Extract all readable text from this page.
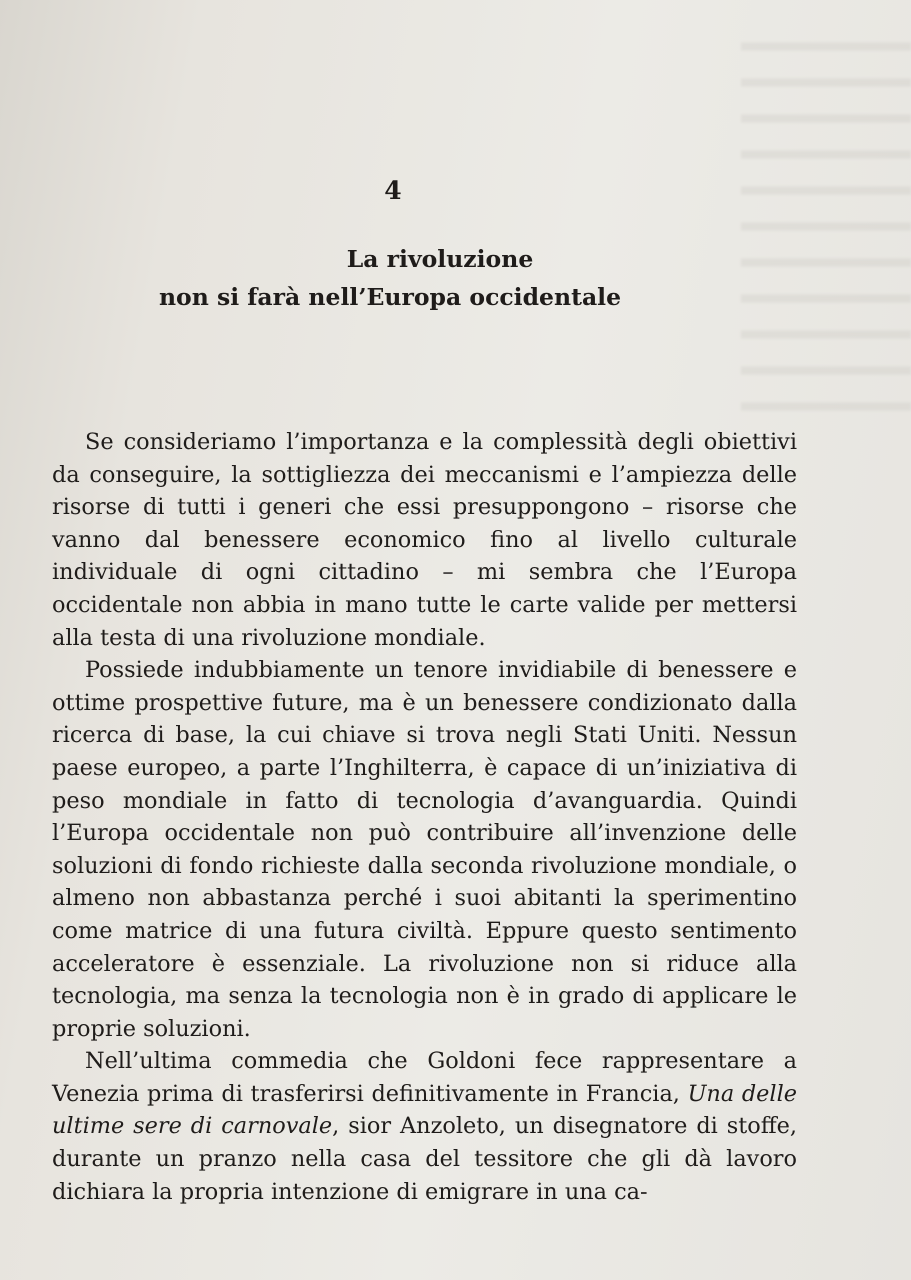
4
La rivoluzione
non si farà nell’Europa occidentale

Se consideriamo l’importanza e la complessità degli obiettivi da conseguire, la sottigliezza dei meccanismi e l’ampiezza delle risorse di tutti i generi che essi presuppongono – risorse che vanno dal benessere economico fino al livello culturale individuale di ogni cittadino – mi sembra che l’Europa occidentale non abbia in mano tutte le carte valide per mettersi alla testa di una rivoluzione mondiale.

Possiede indubbiamente un tenore invidiabile di benessere e ottime prospettive future, ma è un benessere condizionato dalla ricerca di base, la cui chiave si trova negli Stati Uniti. Nessun paese europeo, a parte l’Inghilterra, è capace di un’iniziativa di peso mondiale in fatto di tecnologia d’avanguardia. Quindi l’Europa occidentale non può contribuire all’invenzione delle soluzioni di fondo richieste dalla seconda rivoluzione mondiale, o almeno non abbastanza perché i suoi abitanti la sperimentino come matrice di una futura civiltà. Eppure questo sentimento acceleratore è essenziale. La rivoluzione non si riduce alla tecnologia, ma senza la tecnologia non è in grado di applicare le proprie soluzioni.

Nell’ultima commedia che Goldoni fece rappresentare a Venezia prima di trasferirsi definitivamente in Francia, Una delle ultime sere di carnovale, sior Anzoleto, un disegnatore di stoffe, durante un pranzo nella casa del tessitore che gli dà lavoro dichiara la propria intenzione di emigrare in una ca-
